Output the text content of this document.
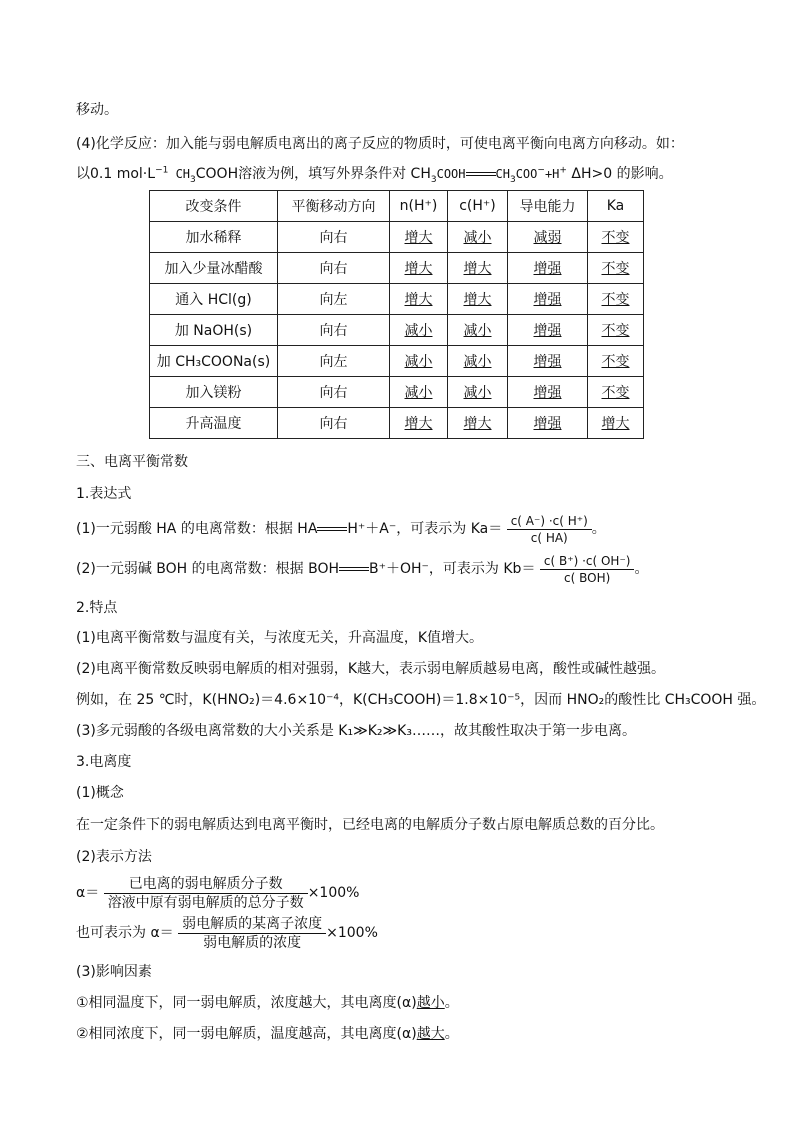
移动。
(4)化学反应：加入能与弱电解质电离出的离子反应的物质时，可使电离平衡向电离方向移动。如：
以0.1 $mol\cdot L^{-1}$ $CH_3COOH$溶液为例，填写外界条件对 $CH_3COOH$	$CH_3COO^-+H^+$ ΔH>0 的影响。
改变条件	平衡移动方向	n(H⁺)	c(H⁺)	导电能力	Ka
加水稀释	向右	增大	减小	减弱	不变
加入少量冰醋酸	向右	增大	增大	增强	不变
通入 HCl(g)	向左	增大	增大	增强	不变
加 NaOH(s)	向右	减小	减小	增强	不变
加 CH₃COONa(s)	向左	减小	减小	增强	不变
加入镁粉	向右	减小	减小	增强	不变
升高温度	向右	增大	增大	增强	增大
三、电离平衡常数
1.表达式
(1)一元弱酸 HA 的电离常数：根据 HA H⁺＋A⁻，可表示为 $Ka= \frac{c( A^-) \cdot c( H^+)}{c( HA)}$ 。
(2)一元弱碱 BOH 的电离常数：根据 BOH B⁺＋OH⁻，可表示为 $Kb= \frac{c( B^+) \cdot c( OH^-)}{\text{c( BOH)}}$ 。
2.特点
(1)电离平衡常数与温度有关，与浓度无关，升高温度，K值增大。
(2)电离平衡常数反映弱电解质的相对强弱，K越大，表示弱电解质越易电离，酸性或碱性越强。
例如，在 25 ℃时，K(HNO₂)＝4.6×10⁻⁴，K(CH₃COOH)＝1.8×10⁻⁵，因而 HNO₂的酸性比 CH₃COOH 强。
(3)多元弱酸的各级电离常数的大小关系是 K₁≫K₂≫K₃……，故其酸性取决于第一步电离。
3.电离度
(1)概念
在一定条件下的弱电解质达到电离平衡时，已经电离的电解质分子数占原电解质总数的百分比。
(2)表示方法
$\alpha= \frac{\text{已电离的弱电解质分子数}}{\text{溶液中原有弱电解质的总分子数}} \times 100\%$
也可表示为 $\alpha= \frac{\text{弱电解质的某离子浓度}}{\text{弱电解质的浓度}} \times 100\%$
(3)影响因素
①相同温度下，同一弱电解质，浓度越大，其电离度(α)越小。
②相同浓度下，同一弱电解质，温度越高，其电离度(α)越大。
